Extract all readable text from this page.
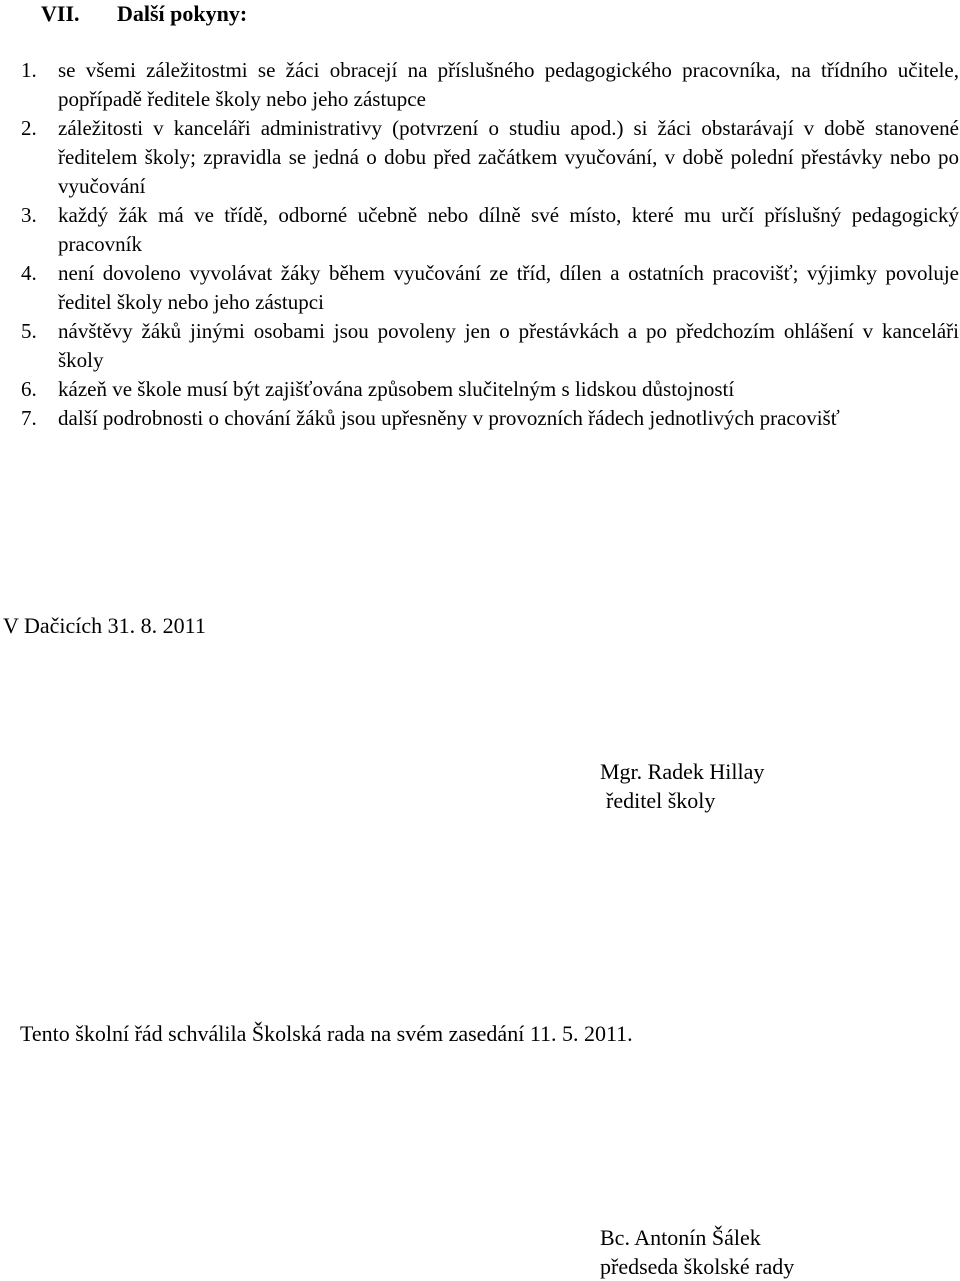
VII. Další pokyny:
1. se všemi záležitostmi se žáci obracejí na příslušného pedagogického pracovníka, na třídního učitele, popřípadě ředitele školy nebo jeho zástupce
2. záležitosti v kanceláři administrativy (potvrzení o studiu apod.) si žáci obstarávají v době stanovené ředitelem školy; zpravidla se jedná o dobu před začátkem vyučování, v době polední přestávky nebo po vyučování
3. každý žák má ve třídě, odborné učebně nebo dílně své místo, které mu určí příslušný pedagogický pracovník
4. není dovoleno vyvolávat žáky během vyučování ze tříd, dílen a ostatních pracovišť; výjimky povoluje ředitel školy nebo jeho zástupci
5. návštěvy žáků jinými osobami jsou povoleny jen o přestávkách a po předchozím ohlášení v kanceláři školy
6. kázeň ve škole musí být zajišťována způsobem slučitelným s lidskou důstojností
7. další podrobnosti o chování žáků jsou upřesněny v provozních řádech jednotlivých pracovišť

V Dačicích 31. 8. 2011

Mgr. Radek Hillay

ředitel školy

Tento školní řád schválila Školská rada na svém zasedání 11. 5. 2011.

Bc. Antonín Šálek

předseda školské rady
